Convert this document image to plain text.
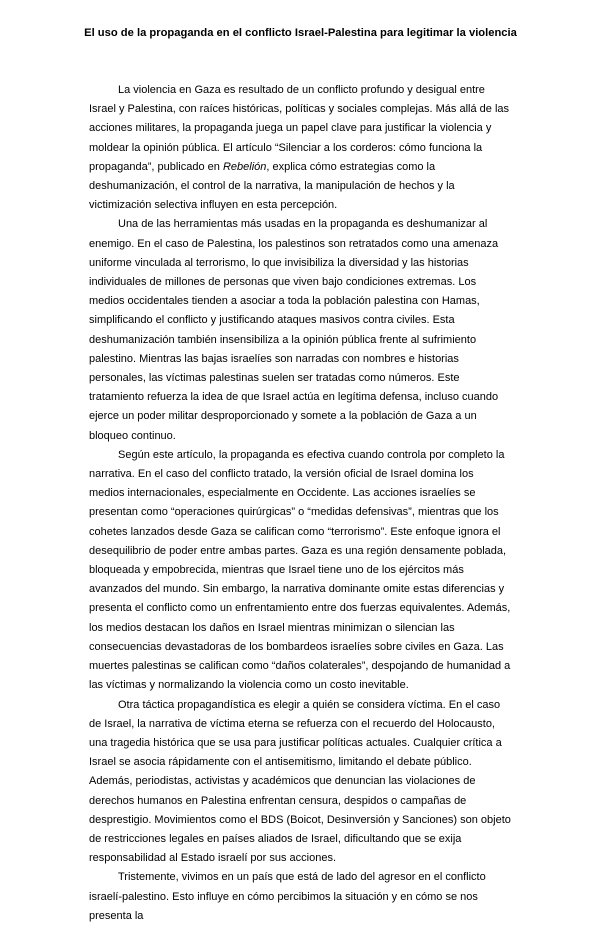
El uso de la propaganda en el conflicto Israel-Palestina para legitimar la violencia

La violencia en Gaza es resultado de un conflicto profundo y desigual entre Israel y Palestina, con raíces históricas, políticas y sociales complejas. Más allá de las acciones militares, la propaganda juega un papel clave para justificar la violencia y moldear la opinión pública. El artículo “Silenciar a los corderos: cómo funciona la propaganda”, publicado en Rebelión, explica cómo estrategias como la deshumanización, el control de la narrativa, la manipulación de hechos y la victimización selectiva influyen en esta percepción.

Una de las herramientas más usadas en la propaganda es deshumanizar al enemigo. En el caso de Palestina, los palestinos son retratados como una amenaza uniforme vinculada al terrorismo, lo que invisibiliza la diversidad y las historias individuales de millones de personas que viven bajo condiciones extremas. Los medios occidentales tienden a asociar a toda la población palestina con Hamas, simplificando el conflicto y justificando ataques masivos contra civiles. Esta deshumanización también insensibiliza a la opinión pública frente al sufrimiento palestino. Mientras las bajas israelíes son narradas con nombres e historias personales, las víctimas palestinas suelen ser tratadas como números. Este tratamiento refuerza la idea de que Israel actúa en legítima defensa, incluso cuando ejerce un poder militar desproporcionado y somete a la población de Gaza a un bloqueo continuo.

Según este artículo, la propaganda es efectiva cuando controla por completo la narrativa. En el caso del conflicto tratado, la versión oficial de Israel domina los medios internacionales, especialmente en Occidente. Las acciones israelíes se presentan como “operaciones quirúrgicas” o “medidas defensivas”, mientras que los cohetes lanzados desde Gaza se califican como “terrorismo”. Este enfoque ignora el desequilibrio de poder entre ambas partes. Gaza es una región densamente poblada, bloqueada y empobrecida, mientras que Israel tiene uno de los ejércitos más avanzados del mundo. Sin embargo, la narrativa dominante omite estas diferencias y presenta el conflicto como un enfrentamiento entre dos fuerzas equivalentes. Además, los medios destacan los daños en Israel mientras minimizan o silencian las consecuencias devastadoras de los bombardeos israelíes sobre civiles en Gaza. Las muertes palestinas se califican como “daños colaterales”, despojando de humanidad a las víctimas y normalizando la violencia como un costo inevitable.

Otra táctica propagandística es elegir a quién se considera víctima. En el caso de Israel, la narrativa de víctima eterna se refuerza con el recuerdo del Holocausto, una tragedia histórica que se usa para justificar políticas actuales. Cualquier crítica a Israel se asocia rápidamente con el antisemitismo, limitando el debate público. Además, periodistas, activistas y académicos que denuncian las violaciones de derechos humanos en Palestina enfrentan censura, despidos o campañas de desprestigio. Movimientos como el BDS (Boicot, Desinversión y Sanciones) son objeto de restricciones legales en países aliados de Israel, dificultando que se exija responsabilidad al Estado israelí por sus acciones.

Tristemente, vivimos en un país que está de lado del agresor en el conflicto israelí-palestino. Esto influye en cómo percibimos la situación y en cómo se nos presenta la
